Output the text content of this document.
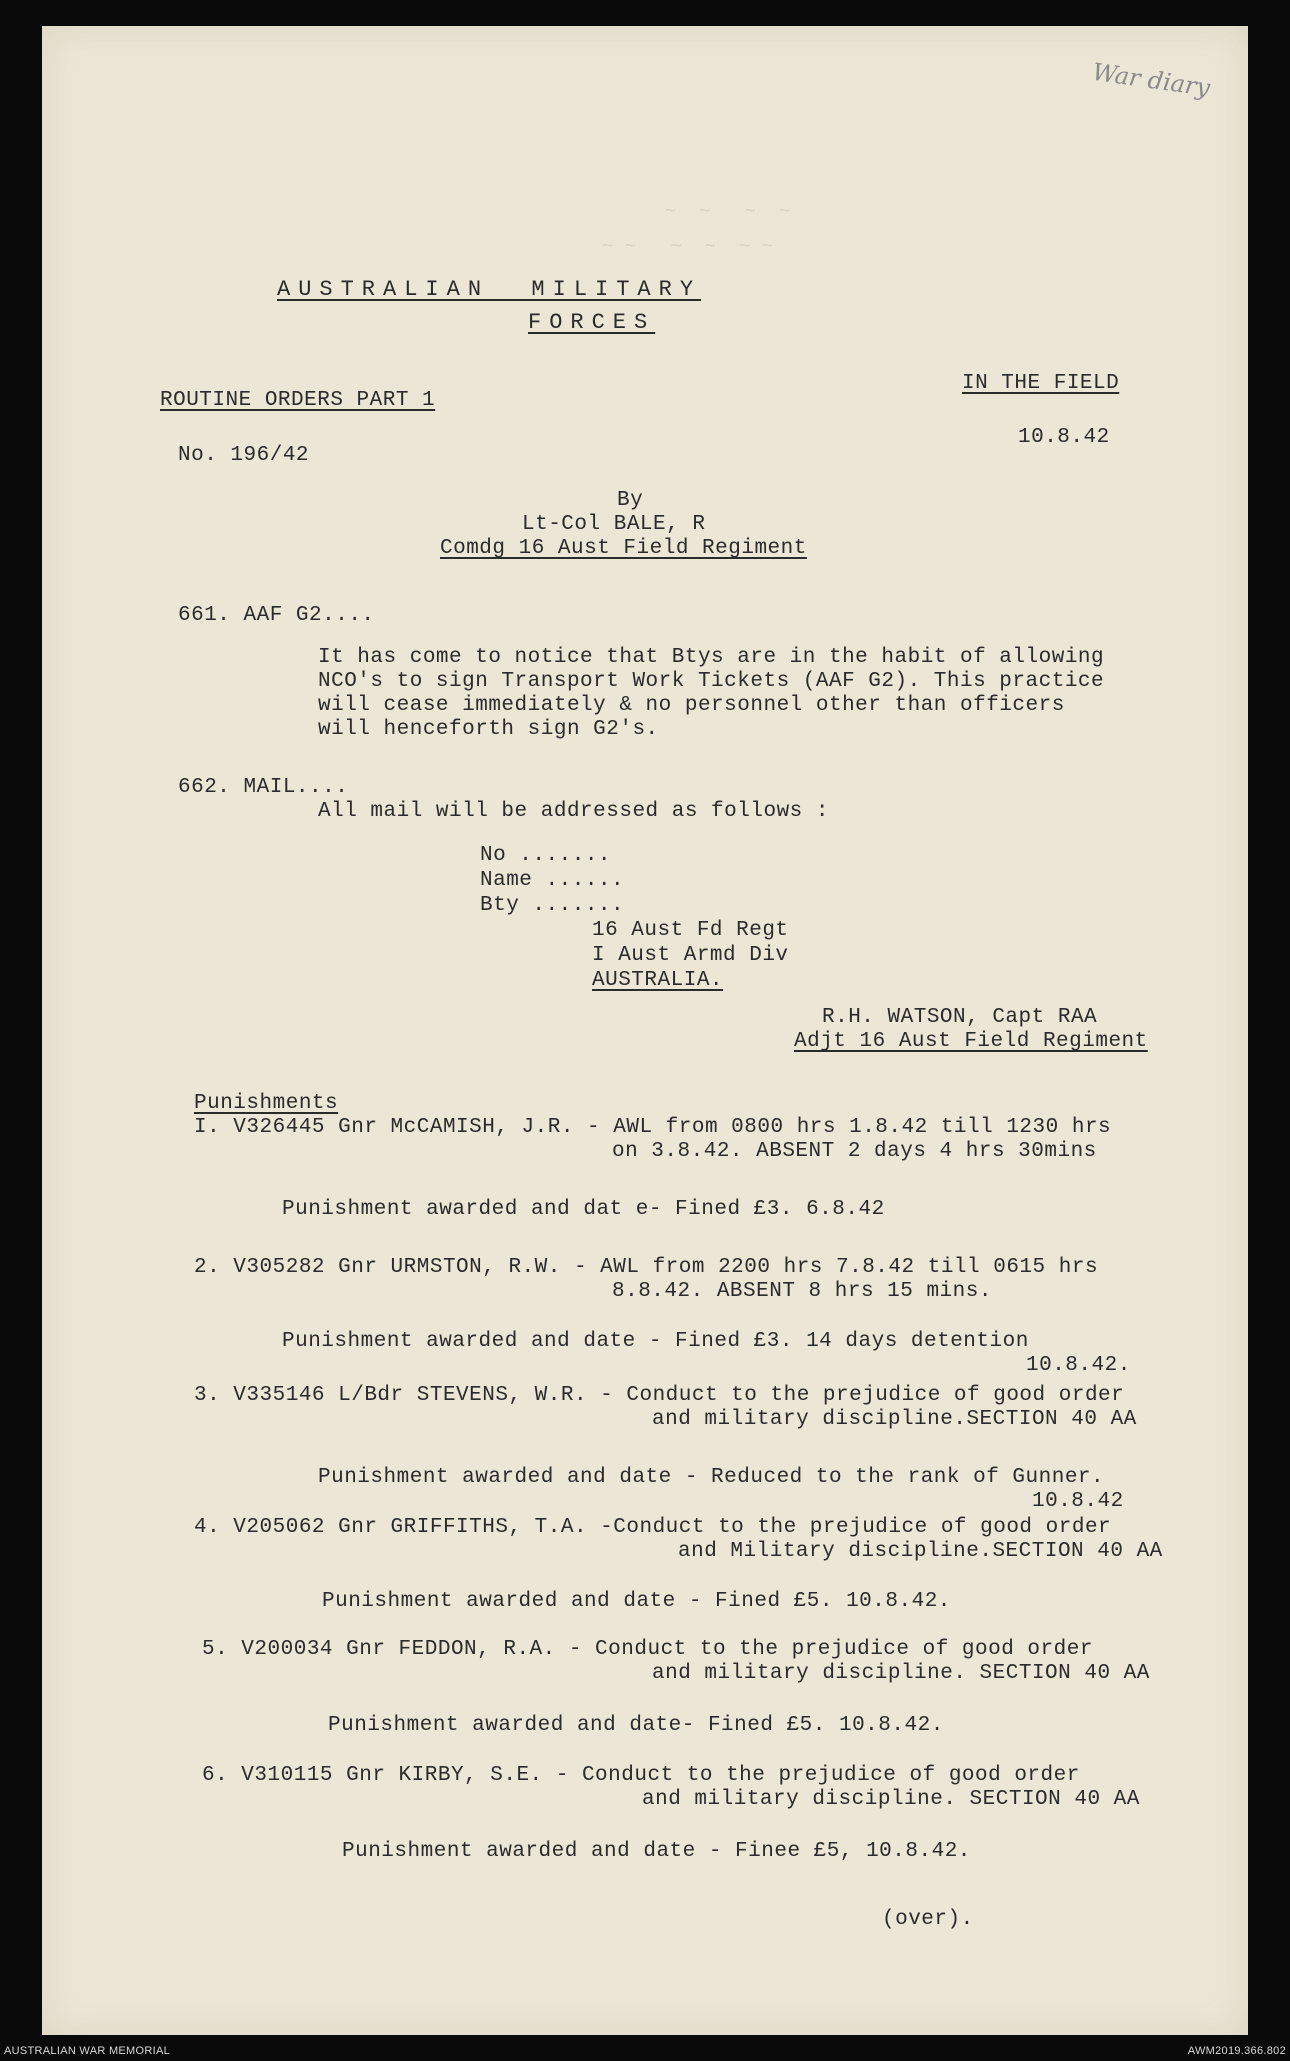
War diary
~  ~   ~  ~
~ ~   ~  ~  ~ ~
AUSTRALIAN  MILITARY
FORCES
ROUTINE ORDERS PART 1
IN THE FIELD
No. 196/42
10.8.42
By
Lt-Col BALE, R
Comdg 16 Aust Field Regiment
661. AAF G2....
It has come to notice that Btys are in the habit of allowing
NCO's to sign Transport Work Tickets (AAF G2). This practice
will cease immediately & no personnel other than officers
will henceforth sign G2's.
662. MAIL....
All mail will be addressed as follows :
No .......
Name ......
Bty .......
16 Aust Fd Regt
I Aust Armd Div
AUSTRALIA.
R.H. WATSON, Capt RAA
Adjt 16 Aust Field Regiment
Punishments
I. V326445 Gnr McCAMISH, J.R. - AWL from 0800 hrs 1.8.42 till 1230 hrs
on 3.8.42. ABSENT 2 days 4 hrs 30mins
Punishment awarded and dat e- Fined £3. 6.8.42
2. V305282 Gnr URMSTON, R.W. - AWL from 2200 hrs 7.8.42 till 0615 hrs
8.8.42. ABSENT 8 hrs 15 mins.
Punishment awarded and date - Fined £3. 14 days detention
10.8.42.
3. V335146 L/Bdr STEVENS, W.R. - Conduct to the prejudice of good order
and military discipline.SECTION 40 AA
Punishment awarded and date - Reduced to the rank of Gunner.
10.8.42
4. V205062 Gnr GRIFFITHS, T.A. -Conduct to the prejudice of good order
and Military discipline.SECTION 40 AA
Punishment awarded and date - Fined £5. 10.8.42.
5. V200034 Gnr FEDDON, R.A. - Conduct to the prejudice of good order
and military discipline. SECTION 40 AA
Punishment awarded and date- Fined £5. 10.8.42.
6. V310115 Gnr KIRBY, S.E. - Conduct to the prejudice of good order
and military discipline. SECTION 40 AA
Punishment awarded and date - Finee £5, 10.8.42.
(over).
AUSTRALIAN WAR MEMORIAL	AWM2019.366.802
